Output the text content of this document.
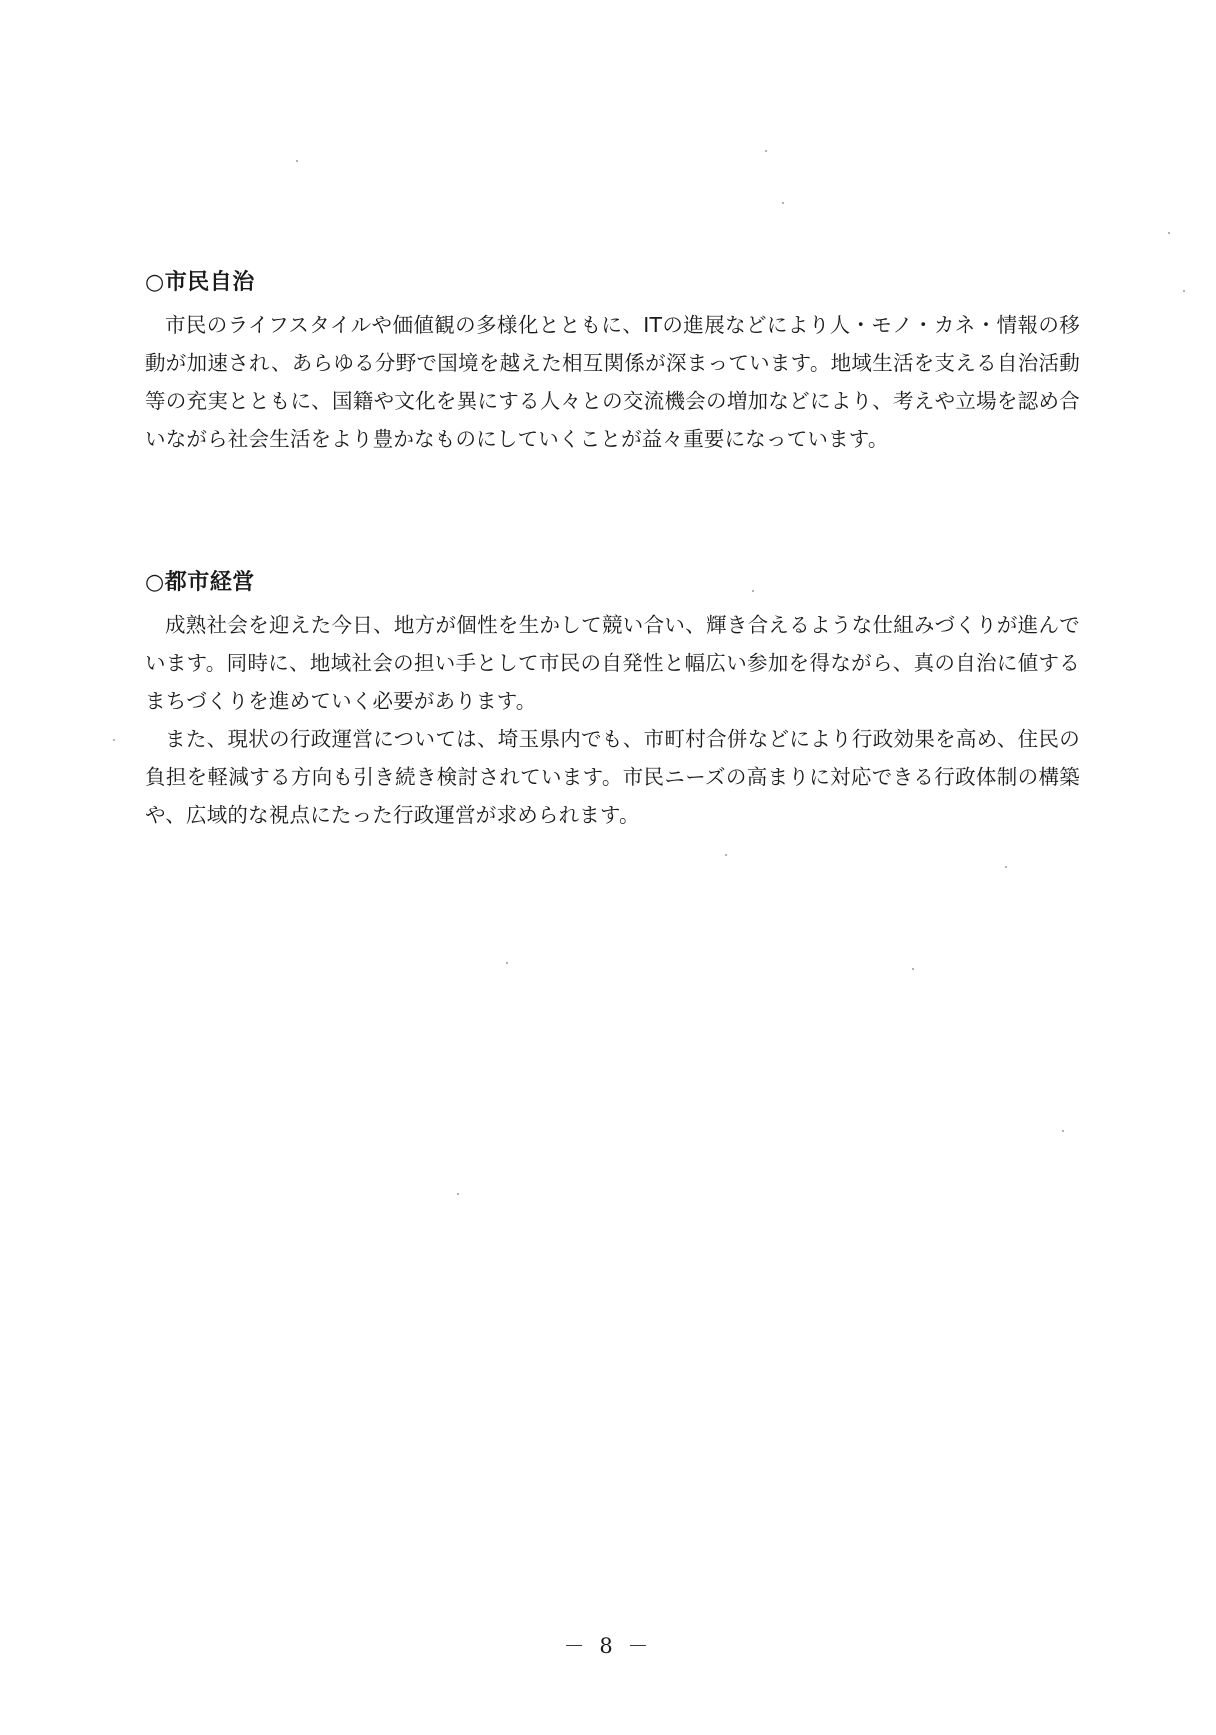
○市民自治

市民のライフスタイルや価値観の多様化とともに、ITの進展などにより人・モノ・カネ・情報の移動が加速され、あらゆる分野で国境を越えた相互関係が深まっています。地域生活を支える自治活動等の充実とともに、国籍や文化を異にする人々との交流機会の増加などにより、考えや立場を認め合いながら社会生活をより豊かなものにしていくことが益々重要になっています。

○都市経営

成熟社会を迎えた今日、地方が個性を生かして競い合い、輝き合えるような仕組みづくりが進んでいます。同時に、地域社会の担い手として市民の自発性と幅広い参加を得ながら、真の自治に値するまちづくりを進めていく必要があります。

また、現状の行政運営については、埼玉県内でも、市町村合併などにより行政効果を高め、住民の負担を軽減する方向も引き続き検討されています。市民ニーズの高まりに対応できる行政体制の構築や、広域的な視点にたった行政運営が求められます。

－ 8 －
